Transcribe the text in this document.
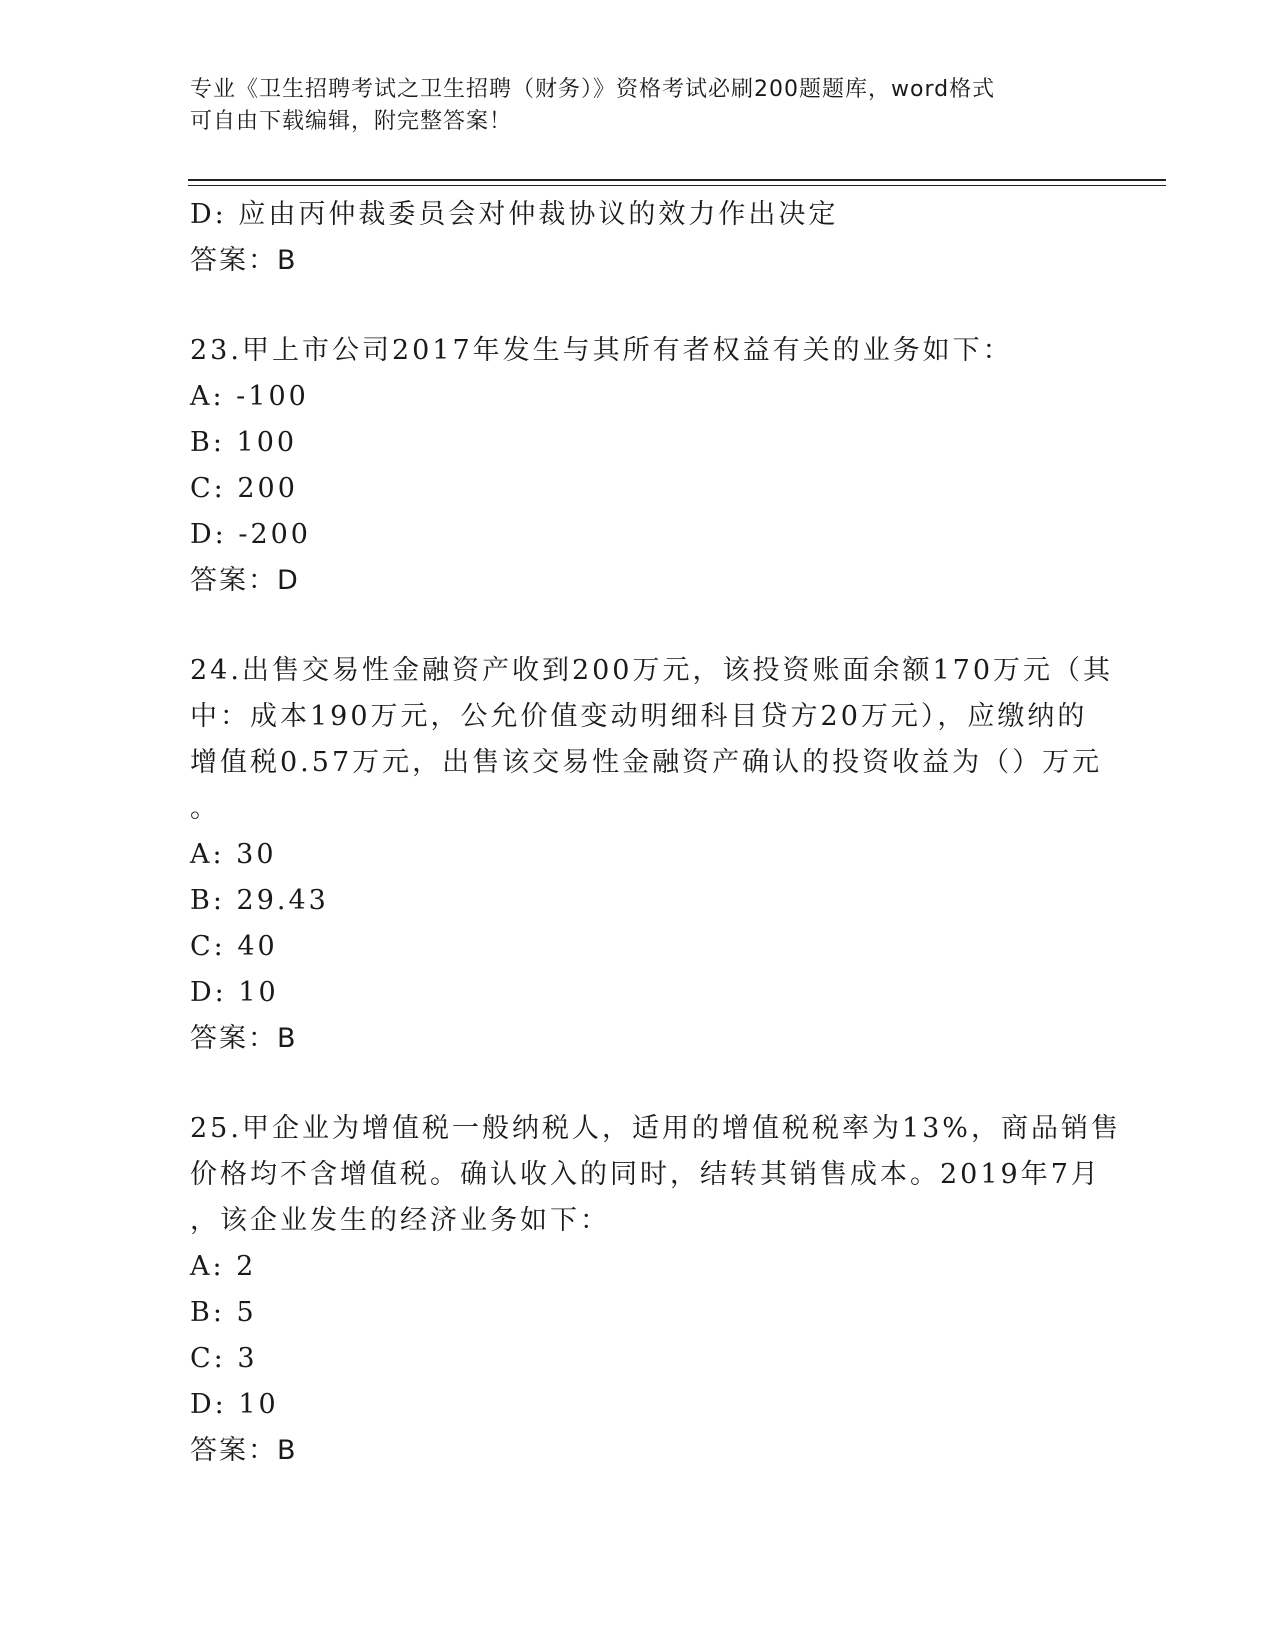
专业《卫生招聘考试之卫生招聘（财务）》资格考试必刷200题题库，word格式
可自由下载编辑，附完整答案！
D: 应由丙仲裁委员会对仲裁协议的效力作出决定
答案：B
23.甲上市公司2017年发生与其所有者权益有关的业务如下：
A: -100
B: 100
C: 200
D: -200
答案：D
24.出售交易性金融资产收到200万元，该投资账面余额170万元（其
中：成本190万元，公允价值变动明细科目贷方20万元），应缴纳的
增值税0.57万元，出售该交易性金融资产确认的投资收益为（）万元
。
A: 30
B: 29.43
C: 40
D: 10
答案：B
25.甲企业为增值税一般纳税人，适用的增值税税率为13%，商品销售
价格均不含增值税。确认收入的同时，结转其销售成本。2019年7月
，该企业发生的经济业务如下：
A: 2
B: 5
C: 3
D: 10
答案：B
